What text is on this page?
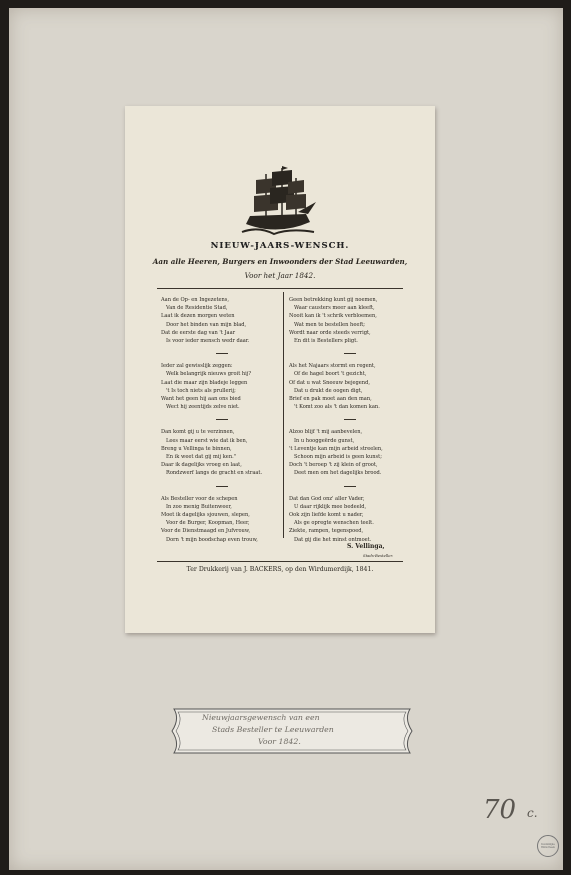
NIEUW-JAARS-WENSCH.
Aan alle Heeren, Burgers en Inwoonders der Stad Leeuwarden,
Voor het Jaar 1842.
Aan de Op- en Ingezetens,
Van de Residentie Stad,
Laat ik dezen morgen weten
Door het binden van mijn blad,
Dat de eerste dag van 't Jaar
Is voor ieder mensch wedr daar.
Ieder zal gewisslijk zeggen:
Welk belangrijk nieuws groit hij?
Laat die maar zijn bladeje leggen
't Is toch niets als prullerij;
Want het geen hij aan ons bied
Wect hij zeentijds zelve niet.
Dan komt gij u te verzinnen,
Lees maar eerst wie dat ik ben,
Breng u Vellinga te binnen,
En ik weet dat gij mij ken."
Daar ik dagelijks vroeg en laat,
Rondzwerf langs de gracht en straat.
Als Besteller voor de schepen
In zoo menig Buitenweer,
Moet ik dagelijks sjouwen, slepen,
Voor de Burger, Koopman, Heer,
Voor de Dienstmaagd en Jufvrouw,
Dorn 't mijn boodschap even trouw,
Geen betrekking kunt gij noemen,
Waar causters meer aan kleeft,
Nooit kan ik 't schrik verbloemen,
Wat men te bestellen heeft;
Wordt naar orde steeds verrigt,
En dit is Bestellers pligt.
Als het Najaars stormt en regent,
Of de hagel boort 't gezicht,
Of dat u wat Sneeuw bejegend,
Dat u drukt de oogen digt,
Brief en pak moet aan den man,
't Komt zoo als 't dan komen kan.
Alzoo blijf 't mij aanbevelen,
In u hooggeërde gunst,
't Leventje kan mijn arbeid streelen,
Schoon mijn arbeid is geen kunst;
Doch 't beroep 't zij klein of groot,
Deet men om het dagelijks brood.
Dat dan God onz' aller Vader,
U daar rijklijk mee bedeeld,
Ook zijn liefde komt u nader,
Als ge opregte wenschen teelt.
Ziekte, rampen, tegenspoed,
Dat gij die het minst ontmoet.
S. Vellinga,
Stads-Besteller.
Ter Drukkerij van J. BACKERS, op den Wirdumerdijk, 1841.
Nieuwjaarsgewensch van een
Stads Besteller te Leeuwarden
Voor 1842.
70 c.
Koninklijke Bibliotheek
